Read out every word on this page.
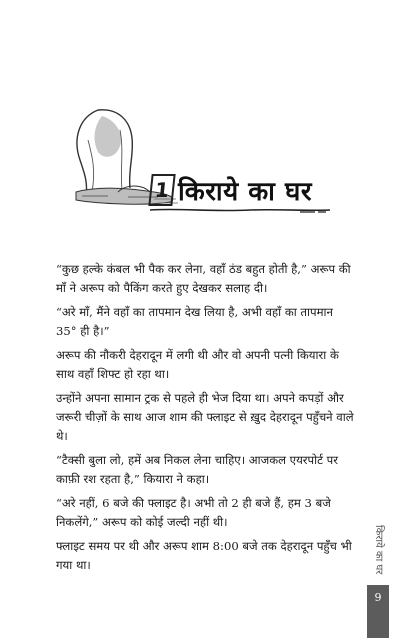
1 किराये का घर

“कुछ हल्के कंबल भी पैक कर लेना, वहाँ ठंड बहुत होती है,” अरूप की माँ ने अरूप को पैकिंग करते हुए देखकर सलाह दी।

“अरे माँ, मैंने वहाँ का तापमान देख लिया है, अभी वहाँ का तापमान 35° ही है।”

अरूप की नौकरी देहरादून में लगी थी और वो अपनी पत्नी कियारा के साथ वहाँ शिफ्ट हो रहा था।

उन्होंने अपना सामान ट्रक से पहले ही भेज दिया था। अपने कपड़ों और जरूरी चीज़ों के साथ आज शाम की फ्लाइट से ख़ुद देहरादून पहुँचने वाले थे।

“टैक्सी बुला लो, हमें अब निकल लेना चाहिए। आजकल एयरपोर्ट पर काफ़ी रश रहता है,” कियारा ने कहा।

“अरे नहीं, 6 बजे की फ्लाइट है। अभी तो 2 ही बजे हैं, हम 3 बजे निकलेंगे,” अरूप को कोई जल्दी नहीं थी।

फ्लाइट समय पर थी और अरूप शाम 8:00 बजे तक देहरादून पहुँच भी गया था।	किराये का घर
9
